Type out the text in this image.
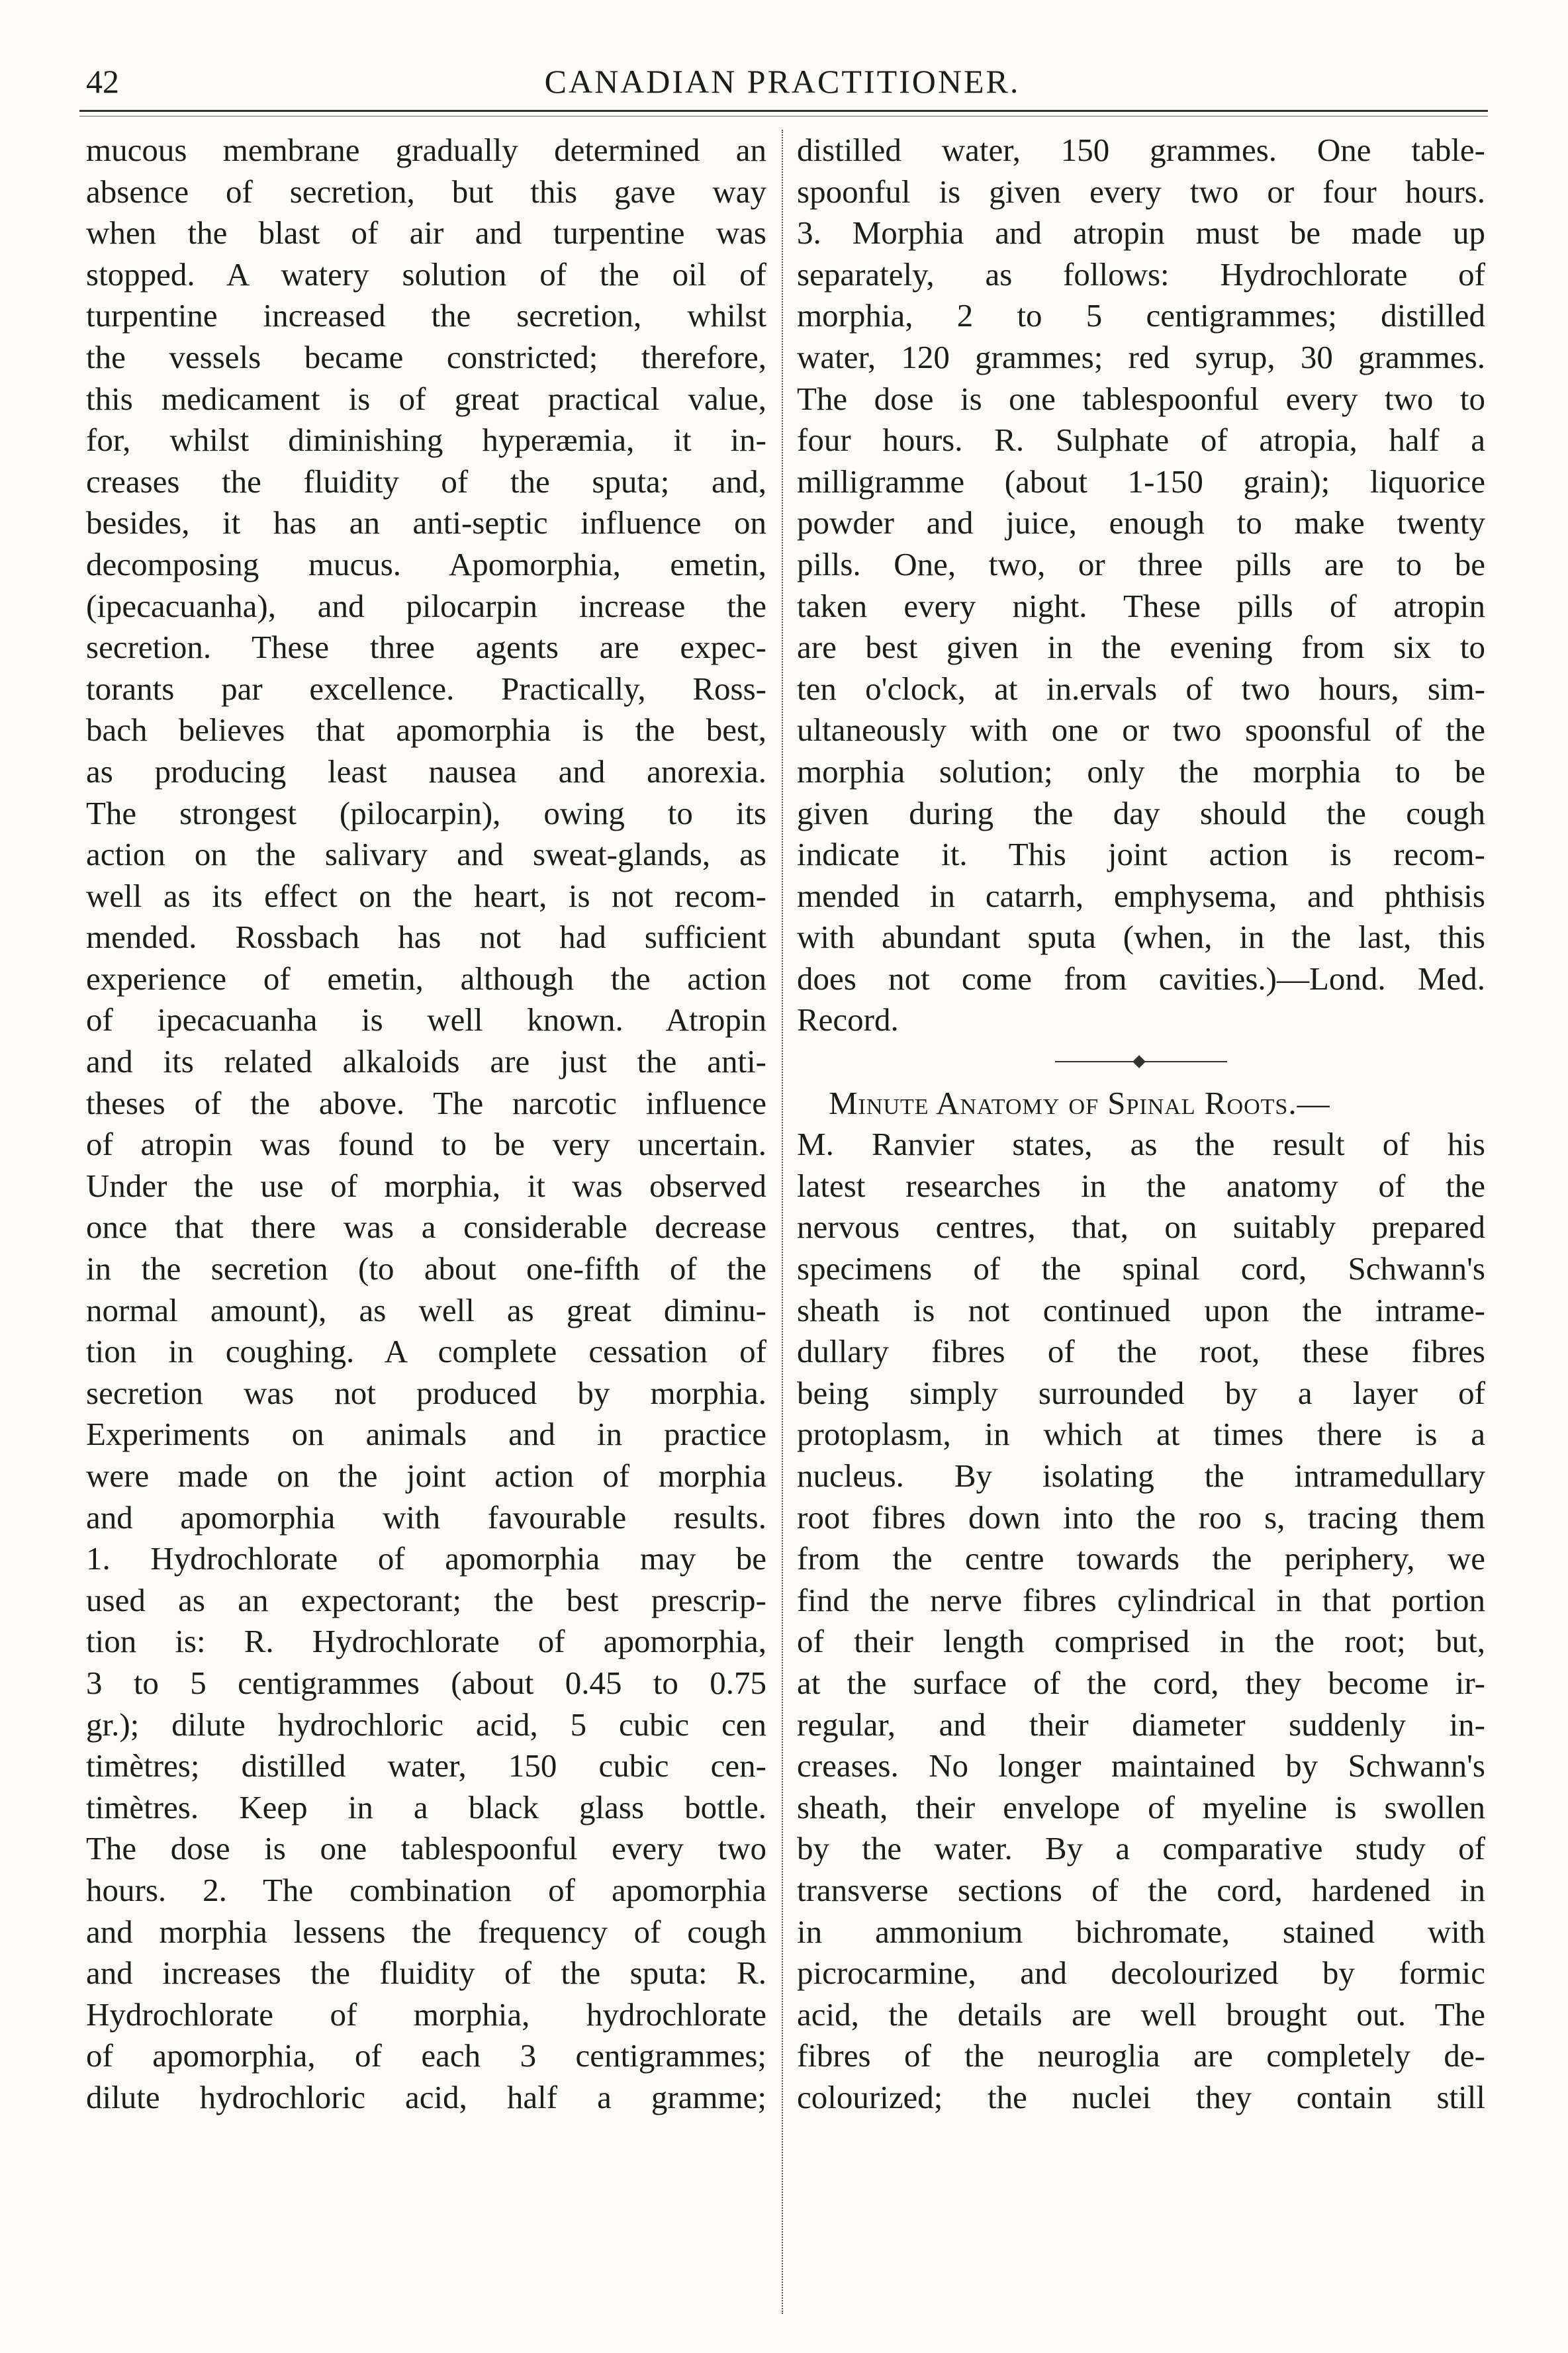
42	CANADIAN PRACTITIONER.
mucous membrane gradually determined an
absence of secretion, but this gave way
when the blast of air and turpentine was
stopped. A watery solution of the oil of
turpentine increased the secretion, whilst
the vessels became constricted; therefore,
this medicament is of great practical value,
for, whilst diminishing hyperæmia, it in-
creases the fluidity of the sputa; and,
besides, it has an anti-septic influence on
decomposing mucus. Apomorphia, emetin,
(ipecacuanha), and pilocarpin increase the
secretion. These three agents are expec-
torants par excellence. Practically, Ross-
bach believes that apomorphia is the best,
as producing least nausea and anorexia.
The strongest (pilocarpin), owing to its
action on the salivary and sweat-glands, as
well as its effect on the heart, is not recom-
mended. Rossbach has not had sufficient
experience of emetin, although the action
of ipecacuanha is well known. Atropin
and its related alkaloids are just the anti-
theses of the above. The narcotic influence
of atropin was found to be very uncertain.
Under the use of morphia, it was observed
once that there was a considerable decrease
in the secretion (to about one-fifth of the
normal amount), as well as great diminu-
tion in coughing. A complete cessation of
secretion was not produced by morphia.
Experiments on animals and in practice
were made on the joint action of morphia
and apomorphia with favourable results.
1. Hydrochlorate of apomorphia may be
used as an expectorant; the best prescrip-
tion is: R. Hydrochlorate of apomorphia,
3 to 5 centigrammes (about 0.45 to 0.75
gr.); dilute hydrochloric acid, 5 cubic cen
timètres; distilled water, 150 cubic cen-
timètres. Keep in a black glass bottle.
The dose is one tablespoonful every two
hours. 2. The combination of apomorphia
and morphia lessens the frequency of cough
and increases the fluidity of the sputa: R.
Hydrochlorate of morphia, hydrochlorate
of apomorphia, of each 3 centigrammes;
dilute hydrochloric acid, half a gramme;
distilled water, 150 grammes. One table-
spoonful is given every two or four hours.
3. Morphia and atropin must be made up
separately, as follows: Hydrochlorate of
morphia, 2 to 5 centigrammes; distilled
water, 120 grammes; red syrup, 30 grammes.
The dose is one tablespoonful every two to
four hours. R. Sulphate of atropia, half a
milligramme (about 1-150 grain); liquorice
powder and juice, enough to make twenty
pills. One, two, or three pills are to be
taken every night. These pills of atropin
are best given in the evening from six to
ten o'clock, at in.ervals of two hours, sim-
ultaneously with one or two spoonsful of the
morphia solution; only the morphia to be
given during the day should the cough
indicate it. This joint action is recom-
mended in catarrh, emphysema, and phthisis
with abundant sputa (when, in the last, this
does not come from cavities.)—Lond. Med.
Record.
Minute Anatomy of Spinal Roots.—
M. Ranvier states, as the result of his
latest researches in the anatomy of the
nervous centres, that, on suitably prepared
specimens of the spinal cord, Schwann's
sheath is not continued upon the intrame-
dullary fibres of the root, these fibres
being simply surrounded by a layer of
protoplasm, in which at times there is a
nucleus. By isolating the intramedullary
root fibres down into the roo s, tracing them
from the centre towards the periphery, we
find the nerve fibres cylindrical in that portion
of their length comprised in the root; but,
at the surface of the cord, they become ir-
regular, and their diameter suddenly in-
creases. No longer maintained by Schwann's
sheath, their envelope of myeline is swollen
by the water. By a comparative study of
transverse sections of the cord, hardened in
in ammonium bichromate, stained with
picrocarmine, and decolourized by formic
acid, the details are well brought out. The
fibres of the neuroglia are completely de-
colourized; the nuclei they contain still
